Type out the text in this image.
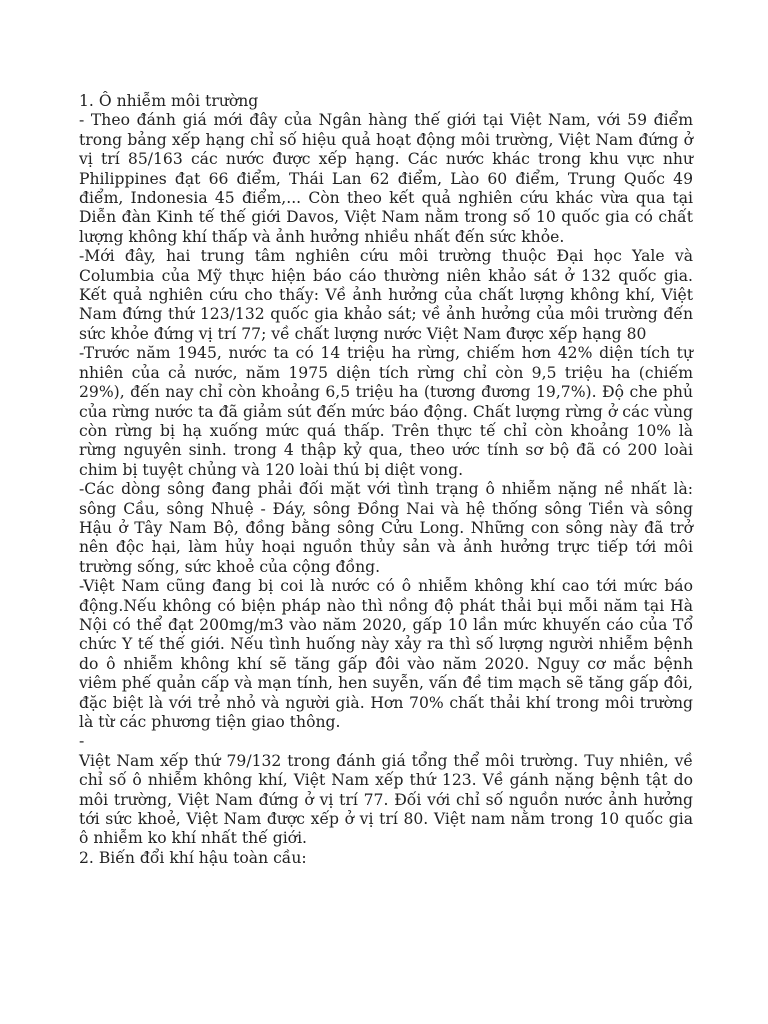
1. Ô nhiễm môi trường

- Theo đánh giá mới đây của Ngân hàng thế giới tại Việt Nam, với 59 điểm trong bảng xếp hạng chỉ số hiệu quả hoạt động môi trường, Việt Nam đứng ở vị trí 85/163 các nước được xếp hạng. Các nước khác trong khu vực như Philippines đạt 66 điểm, Thái Lan 62 điểm, Lào 60 điểm, Trung Quốc 49 điểm, Indonesia 45 điểm,... Còn theo kết quả nghiên cứu khác vừa qua tại Diễn đàn Kinh tế thế giới Davos, Việt Nam nằm trong số 10 quốc gia có chất lượng không khí thấp và ảnh hưởng nhiều nhất đến sức khỏe.

-Mới đây, hai trung tâm nghiên cứu môi trường thuộc Đại học Yale và Columbia của Mỹ thực hiện báo cáo thường niên khảo sát ở 132 quốc gia. Kết quả nghiên cứu cho thấy: Về ảnh hưởng của chất lượng không khí, Việt Nam đứng thứ 123/132 quốc gia khảo sát; về ảnh hưởng của môi trường đến sức khỏe đứng vị trí 77; về chất lượng nước Việt Nam được xếp hạng 80

-Trước năm 1945, nước ta có 14 triệu ha rừng, chiếm hơn 42% diện tích tự nhiên của cả nước, năm 1975 diện tích rừng chỉ còn 9,5 triệu ha (chiếm 29%), đến nay chỉ còn khoảng 6,5 triệu ha (tương đương 19,7%). Độ che phủ của rừng nước ta đã giảm sút đến mức báo động. Chất lượng rừng ở các vùng còn rừng bị hạ xuống mức quá thấp. Trên thực tế chỉ còn khoảng 10% là rừng nguyên sinh. trong 4 thập kỷ qua, theo ước tính sơ bộ đã có 200 loài chim bị tuyệt chủng và 120 loài thú bị diệt vong.

-Các dòng sông đang phải đối mặt với tình trạng ô nhiễm nặng nề nhất là: sông Cầu, sông Nhuệ - Đáy, sông Đồng Nai và hệ thống sông Tiền và sông Hậu ở Tây Nam Bộ, đồng bằng sông Cửu Long. Những con sông này đã trở nên độc hại, làm hủy hoại nguồn thủy sản và ảnh hưởng trực tiếp tới môi trường sống, sức khoẻ của cộng đồng.

-Việt Nam cũng đang bị coi là nước có ô nhiễm không khí cao tới mức báo động.Nếu không có biện pháp nào thì nồng độ phát thải bụi mỗi năm tại Hà Nội có thể đạt 200mg/m3 vào năm 2020, gấp 10 lần mức khuyến cáo của Tổ chức Y tế thế giới. Nếu tình huống này xảy ra thì số lượng người nhiễm bệnh do ô nhiễm không khí sẽ tăng gấp đôi vào năm 2020. Nguy cơ mắc bệnh viêm phế quản cấp và mạn tính, hen suyễn, vấn đề tim mạch sẽ tăng gấp đôi, đặc biệt là với trẻ nhỏ và người già. Hơn 70% chất thải khí trong môi trường là từ các phương tiện giao thông.

-

Việt Nam xếp thứ 79/132 trong đánh giá tổng thể môi trường. Tuy nhiên, về chỉ số ô nhiễm không khí, Việt Nam xếp thứ 123. Về gánh nặng bệnh tật do môi trường, Việt Nam đứng ở vị trí 77. Đối với chỉ số nguồn nước ảnh hưởng tới sức khoẻ, Việt Nam được xếp ở vị trí 80. Việt nam nằm trong 10 quốc gia ô nhiễm ko khí nhất thế giới.

2. Biến đổi khí hậu toàn cầu:
